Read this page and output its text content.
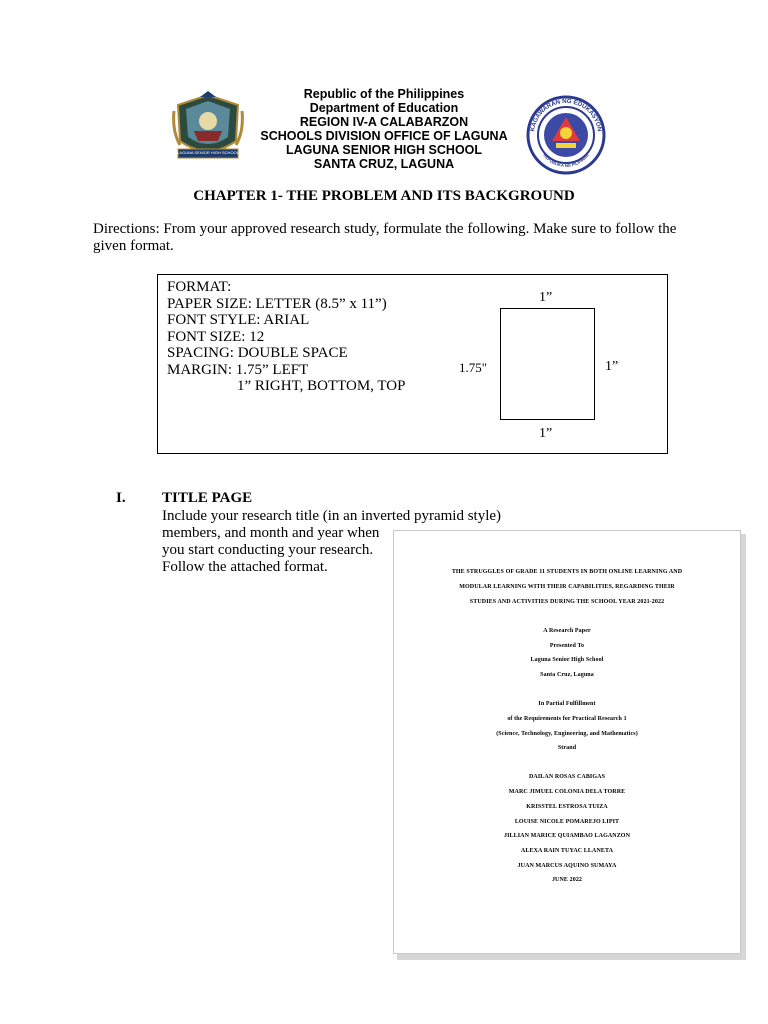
LAGUNA SENIOR HIGH SCHOOL
KAGAWARAN NG EDUKASYON
REPUBLIKA NG PILIPINAS
Republic of the Philippines
Department of Education
REGION IV-A CALABARZON
SCHOOLS DIVISION OFFICE OF LAGUNA
LAGUNA SENIOR HIGH SCHOOL
SANTA CRUZ, LAGUNA
CHAPTER 1- THE PROBLEM AND ITS BACKGROUND
Directions: From your approved research study, formulate the following. Make sure to follow the given format.
FORMAT:
PAPER SIZE: LETTER (8.5” x 11”)
FONT STYLE: ARIAL
FONT SIZE: 12
SPACING: DOUBLE SPACE
MARGIN: 1.75” LEFT
1” RIGHT, BOTTOM, TOP
1”
1.75"	1”
1”
I. TITLE PAGE
Include your research title (in an inverted pyramid style)
members, and month and year when
you start conducting your research.
Follow the attached format.	THE STRUGGLES OF GRADE 11 STUDENTS IN BOTH ONLINE LEARNING AND
MODULAR LEARNING WITH THEIR CAPABILITIES, REGARDING THEIR
STUDIES AND ACTIVITIES DURING THE SCHOOL YEAR 2021-2022
A Research Paper
Presented To
Laguna Senior High School
Santa Cruz, Laguna
In Partial Fulfillment
of the Requirements for Practical Research 1
(Science, Technology, Engineering, and Mathematics)
Strand
DAILAN ROSAS CABIGAS
MARC JIMUEL COLONIA DELA TORRE
KRISSTEL ESTROSA TUIZA
LOUISE NICOLE POMAREJO LIPIT
JILLIAN MARICE QUIAMBAO LAGANZON
ALEXA RAIN TUYAC LLANETA
JUAN MARCUS AQUINO SUMAYA
JUNE 2022
